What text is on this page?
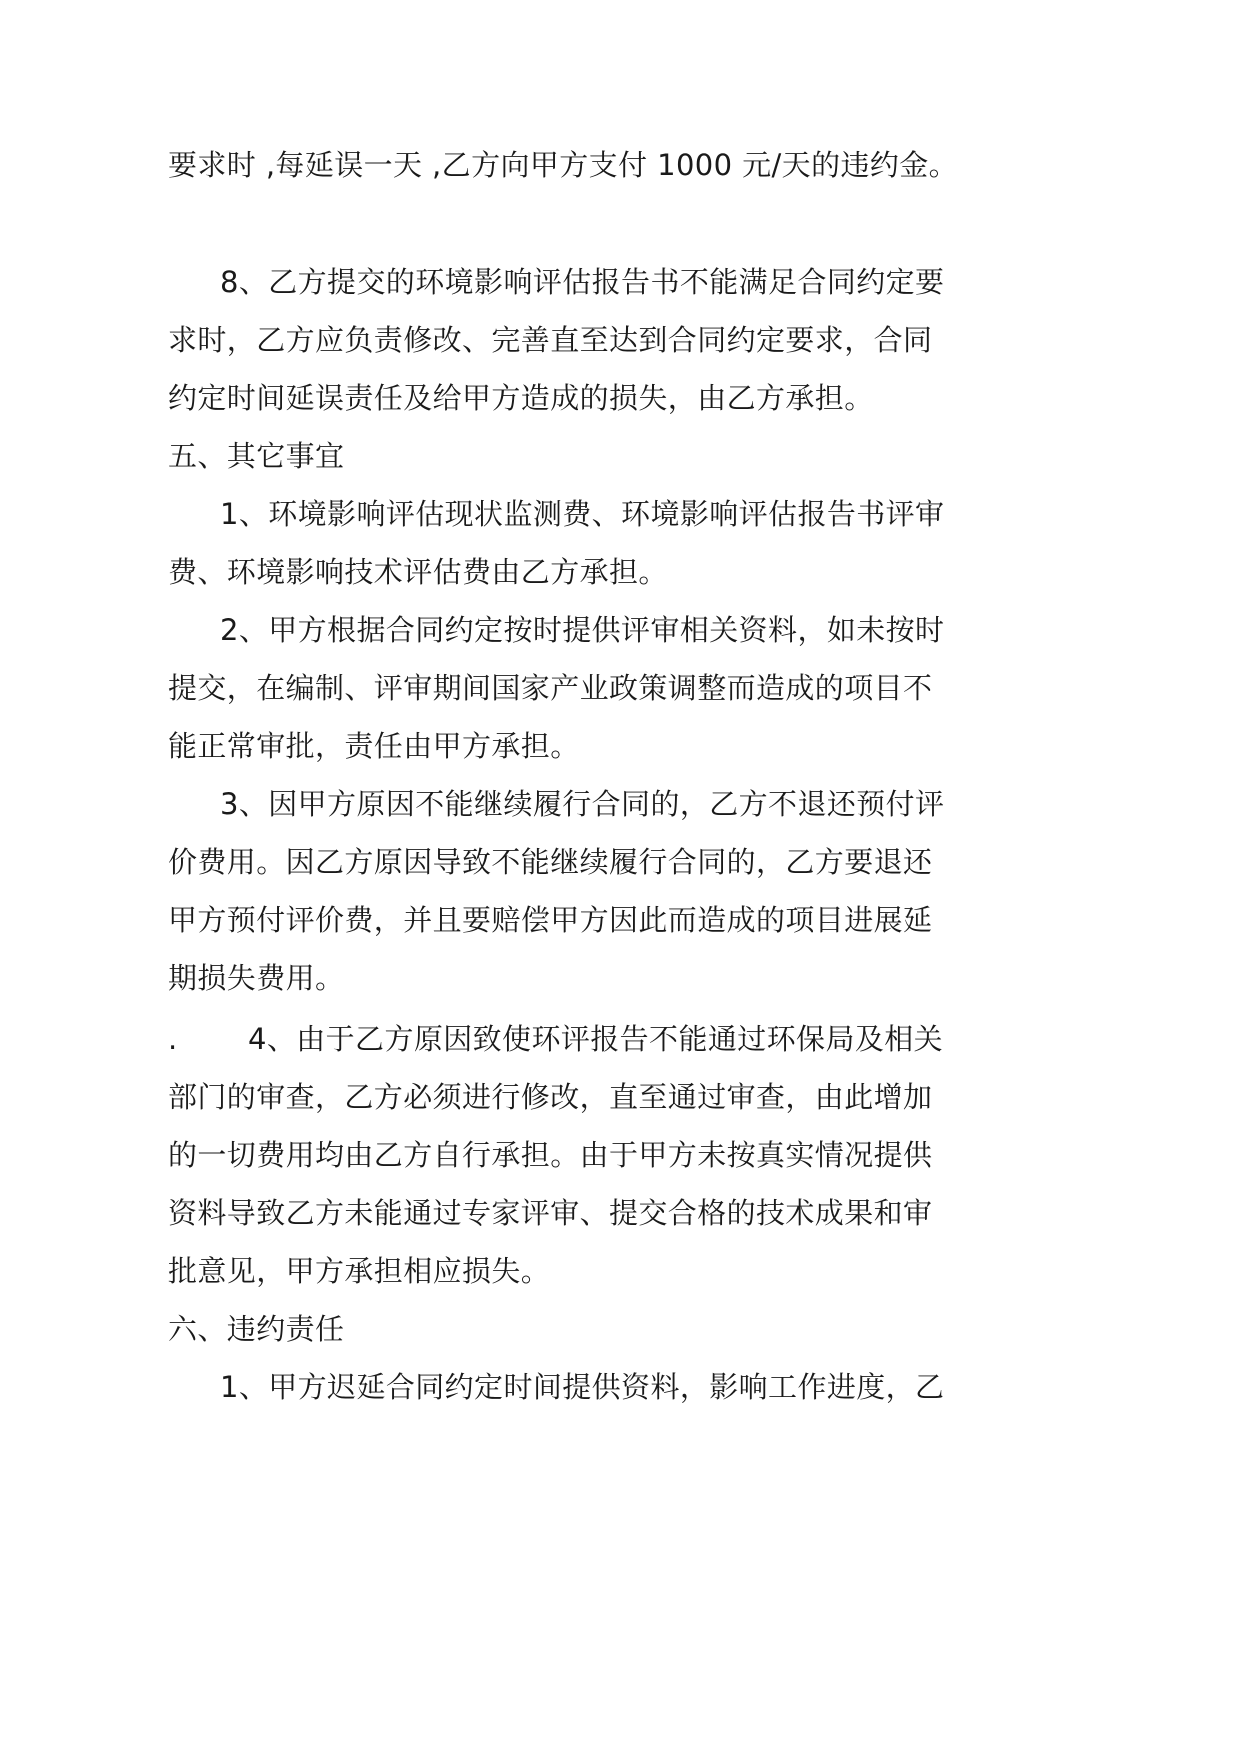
要求时 ,每延误一天 ,乙方向甲方支付 1000 元/天的违约金。
8、乙方提交的环境影响评估报告书不能满足合同约定要
求时，乙方应负责修改、完善直至达到合同约定要求，合同
约定时间延误责任及给甲方造成的损失，由乙方承担。
五、其它事宜
1、环境影响评估现状监测费、环境影响评估报告书评审
费、环境影响技术评估费由乙方承担。
2、甲方根据合同约定按时提供评审相关资料，如未按时
提交，在编制、评审期间国家产业政策调整而造成的项目不
能正常审批，责任由甲方承担。
3、因甲方原因不能继续履行合同的，乙方不退还预付评
价费用。因乙方原因导致不能继续履行合同的，乙方要退还
甲方预付评价费，并且要赔偿甲方因此而造成的项目进展延
期损失费用。
. 4、由于乙方原因致使环评报告不能通过环保局及相关
部门的审查，乙方必须进行修改，直至通过审查，由此增加
的一切费用均由乙方自行承担。由于甲方未按真实情况提供
资料导致乙方未能通过专家评审、提交合格的技术成果和审
批意见，甲方承担相应损失。
六、违约责任
1、甲方迟延合同约定时间提供资料，影响工作进度，乙
